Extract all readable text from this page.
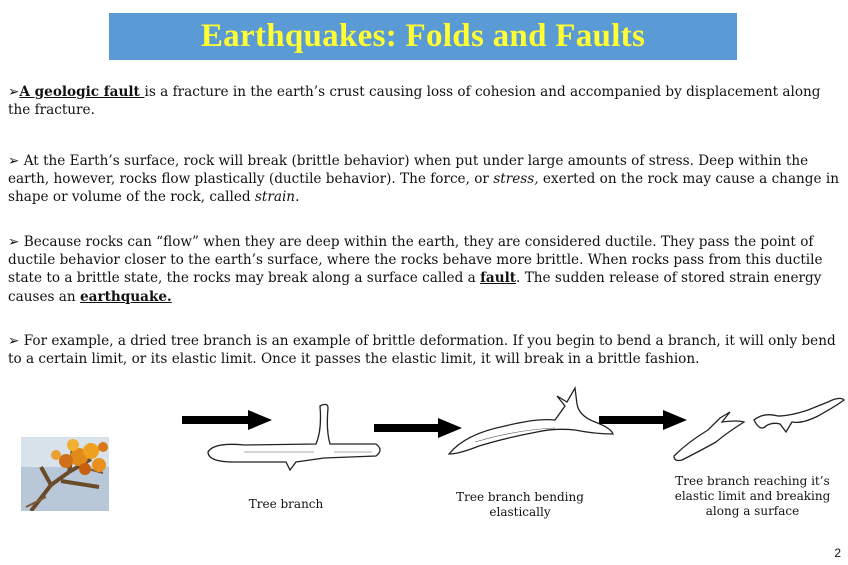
Earthquakes: Folds and Faults
➢A geologic fault is a fracture in the earth’s crust causing loss of cohesion and accompanied by displacement along the fracture.
➢ At the Earth’s surface, rock will break (brittle behavior) when put under large amounts of stress. Deep within the earth, however, rocks flow plastically (ductile behavior). The force, or stress, exerted on the rock may cause a change in shape or volume of the rock, called strain.
➢ Because rocks can “flow” when they are deep within the earth, they are considered ductile. They pass the point of ductile behavior closer to the earth’s surface, where the rocks behave more brittle. When rocks pass from this ductile state to a brittle state, the rocks may break along a surface called a fault. The sudden release of stored strain energy causes an earthquake.
➢ For example, a dried tree branch is an example of brittle deformation. If you begin to bend a branch, it will only bend to a certain limit, or its elastic limit. Once it passes the elastic limit, it will break in a brittle fashion.
Tree branch	Tree branch bending elastically
Tree branch reaching it’s elastic limit and breaking along a surface
2
